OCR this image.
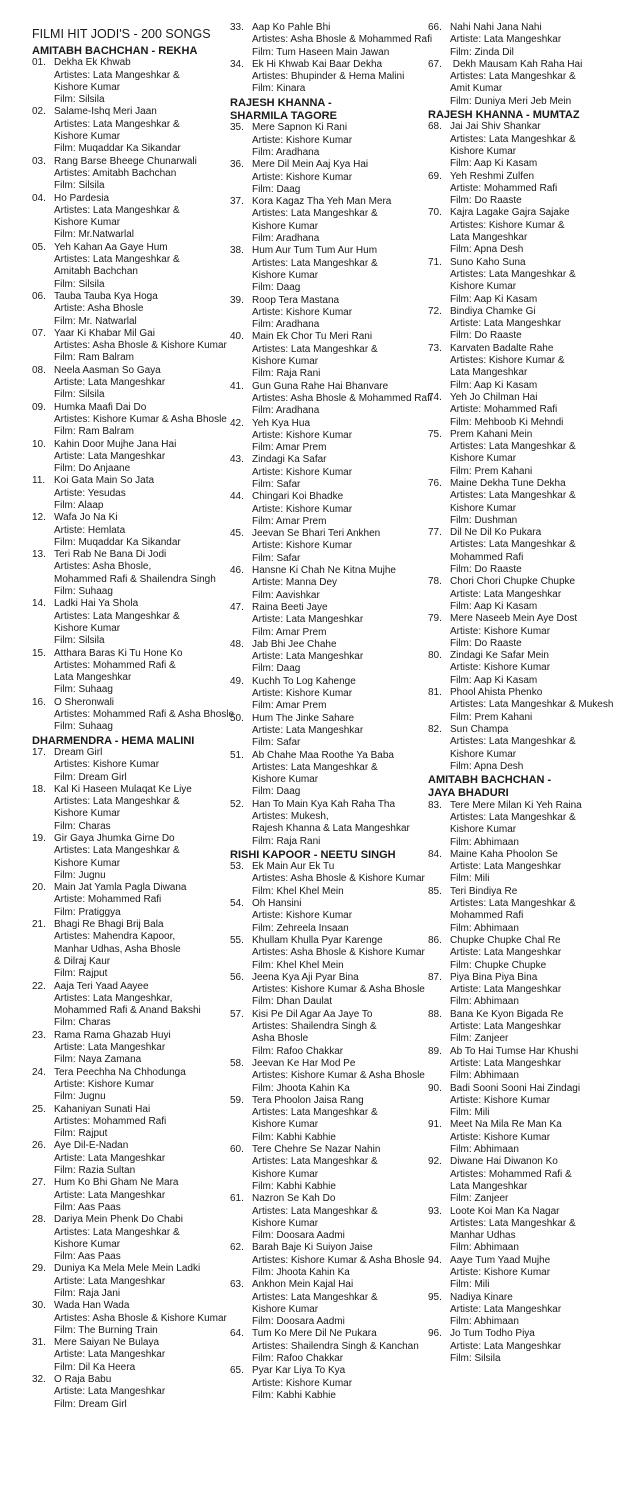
FILMI HIT JODI'S - 200 SONGS
AMITABH BACHCHAN - REKHA
01. Dekha Ek Khwab
Artistes: Lata Mangeshkar &
Kishore Kumar
Film: Silsila
02. Salame-Ishq Meri Jaan
Artistes: Lata Mangeshkar &
Kishore Kumar
Film: Muqaddar Ka Sikandar
03. Rang Barse Bheege Chunarwali
Artistes: Amitabh Bachchan
Film: Silsila
04. Ho Pardesia
Artistes: Lata Mangeshkar &
Kishore Kumar
Film: Mr.Natwarlal
05. Yeh Kahan Aa Gaye Hum
Artistes: Lata Mangeshkar &
Amitabh Bachchan
Film: Silsila
06. Tauba Tauba Kya Hoga
Artiste: Asha Bhosle
Film: Mr. Natwarlal
07. Yaar Ki Khabar Mil Gai
Artistes: Asha Bhosle & Kishore Kumar
Film: Ram Balram
08. Neela Aasman So Gaya
Artiste: Lata Mangeshkar
Film: Silsila
09. Humka Maafi Dai Do
Artistes: Kishore Kumar & Asha Bhosle
Film: Ram Balram
10. Kahin Door Mujhe Jana Hai
Artiste: Lata Mangeshkar
Film: Do Anjaane
11. Koi Gata Main So Jata
Artiste: Yesudas
Film: Alaap
12. Wafa Jo Na Ki
Artiste: Hemlata
Film: Muqaddar Ka Sikandar
13. Teri Rab Ne Bana Di Jodi
Artistes: Asha Bhosle,
Mohammed Rafi & Shailendra Singh
Film: Suhaag
14. Ladki Hai Ya Shola
Artistes: Lata Mangeshkar &
Kishore Kumar
Film: Silsila
15. Atthara Baras Ki Tu Hone Ko
Artistes: Mohammed Rafi &
Lata Mangeshkar
Film: Suhaag
16. O Sheronwali
Artistes: Mohammed Rafi & Asha Bhosle
Film: Suhaag
DHARMENDRA - HEMA MALINI
17. Dream Girl
Artistes: Kishore Kumar
Film: Dream Girl
18. Kal Ki Haseen Mulaqat Ke Liye
Artistes: Lata Mangeshkar &
Kishore Kumar
Film: Charas
19. Gir Gaya Jhumka Girne Do
Artistes: Lata Mangeshkar &
Kishore Kumar
Film: Jugnu
20. Main Jat Yamla Pagla Diwana
Artiste: Mohammed Rafi
Film: Pratiggya
21. Bhagi Re Bhagi Brij Bala
Artistes: Mahendra Kapoor,
Manhar Udhas, Asha Bhosle
& Dilraj Kaur
Film: Rajput
22. Aaja Teri Yaad Aayee
Artistes: Lata Mangeshkar,
Mohammed Rafi & Anand Bakshi
Film: Charas
23. Rama Rama Ghazab Huyi
Artiste: Lata Mangeshkar
Film: Naya Zamana
24. Tera Peechha Na Chhodunga
Artiste: Kishore Kumar
Film: Jugnu
25. Kahaniyan Sunati Hai
Artistes: Mohammed Rafi
Film: Rajput
26. Aye Dil-E-Nadan
Artiste: Lata Mangeshkar
Film: Razia Sultan
27. Hum Ko Bhi Gham Ne Mara
Artiste: Lata Mangeshkar
Film: Aas Paas
28. Dariya Mein Phenk Do Chabi
Artistes: Lata Mangeshkar &
Kishore Kumar
Film: Aas Paas
29. Duniya Ka Mela Mele Mein Ladki
Artiste: Lata Mangeshkar
Film: Raja Jani
30. Wada Han Wada
Artistes: Asha Bhosle & Kishore Kumar
Film: The Burning Train
31. Mere Saiyan Ne Bulaya
Artiste: Lata Mangeshkar
Film: Dil Ka Heera
32. O Raja Babu
Artiste: Lata Mangeshkar
Film: Dream Girl
33. Aap Ko Pahle Bhi
Artistes: Asha Bhosle & Mohammed Rafi
Film: Tum Haseen Main Jawan
34. Ek Hi Khwab Kai Baar Dekha
Artistes: Bhupinder & Hema Malini
Film: Kinara
RAJESH KHANNA -
SHARMILA TAGORE
35. Mere Sapnon Ki Rani
Artiste: Kishore Kumar
Film: Aradhana
36. Mere Dil Mein Aaj Kya Hai
Artiste: Kishore Kumar
Film: Daag
37. Kora Kagaz Tha Yeh Man Mera
Artistes: Lata Mangeshkar &
Kishore Kumar
Film: Aradhana
38. Hum Aur Tum Tum Aur Hum
Artistes: Lata Mangeshkar &
Kishore Kumar
Film: Daag
39. Roop Tera Mastana
Artiste: Kishore Kumar
Film: Aradhana
40. Main Ek Chor Tu Meri Rani
Artistes: Lata Mangeshkar &
Kishore Kumar
Film: Raja Rani
41. Gun Guna Rahe Hai Bhanvare
Artistes: Asha Bhosle & Mohammed Rafi
Film: Aradhana
42. Yeh Kya Hua
Artiste: Kishore Kumar
Film: Amar Prem
43. Zindagi Ka Safar
Artiste: Kishore Kumar
Film: Safar
44. Chingari Koi Bhadke
Artiste: Kishore Kumar
Film: Amar Prem
45. Jeevan Se Bhari Teri Ankhen
Artiste: Kishore Kumar
Film: Safar
46. Hansne Ki Chah Ne Kitna Mujhe
Artiste: Manna Dey
Film: Aavishkar
47. Raina Beeti Jaye
Artiste: Lata Mangeshkar
Film: Amar Prem
48. Jab Bhi Jee Chahe
Artiste: Lata Mangeshkar
Film: Daag
49. Kuchh To Log Kahenge
Artiste: Kishore Kumar
Film: Amar Prem
50. Hum The Jinke Sahare
Artiste: Lata Mangeshkar
Film: Safar
51. Ab Chahe Maa Roothe Ya Baba
Artistes: Lata Mangeshkar &
Kishore Kumar
Film: Daag
52. Han To Main Kya Kah Raha Tha
Artistes: Mukesh,
Rajesh Khanna & Lata Mangeshkar
Film: Raja Rani
RISHI KAPOOR - NEETU SINGH
53. Ek Main Aur Ek Tu
Artistes: Asha Bhosle & Kishore Kumar
Film: Khel Khel Mein
54. Oh Hansini
Artiste: Kishore Kumar
Film: Zehreela Insaan
55. Khullam Khulla Pyar Karenge
Artistes: Asha Bhosle & Kishore Kumar
Film: Khel Khel Mein
56. Jeena Kya Aji Pyar Bina
Artistes: Kishore Kumar & Asha Bhosle
Film: Dhan Daulat
57. Kisi Pe Dil Agar Aa Jaye To
Artistes: Shailendra Singh &
Asha Bhosle
Film: Rafoo Chakkar
58. Jeevan Ke Har Mod Pe
Artistes: Kishore Kumar & Asha Bhosle
Film: Jhoota Kahin Ka
59. Tera Phoolon Jaisa Rang
Artistes: Lata Mangeshkar &
Kishore Kumar
Film: Kabhi Kabhie
60. Tere Chehre Se Nazar Nahin
Artistes: Lata Mangeshkar &
Kishore Kumar
Film: Kabhi Kabhie
61. Nazron Se Kah Do
Artistes: Lata Mangeshkar &
Kishore Kumar
Film: Doosara Aadmi
62. Barah Baje Ki Suiyon Jaise
Artistes: Kishore Kumar & Asha Bhosle
Film: Jhoota Kahin Ka
63. Ankhon Mein Kajal Hai
Artistes: Lata Mangeshkar &
Kishore Kumar
Film: Doosara Aadmi
64. Tum Ko Mere Dil Ne Pukara
Artistes: Shailendra Singh & Kanchan
Film: Rafoo Chakkar
65. Pyar Kar Liya To Kya
Artiste: Kishore Kumar
Film: Kabhi Kabhie
66. Nahi Nahi Jana Nahi
Artiste: Lata Mangeshkar
Film: Zinda Dil
67. Dekh Mausam Kah Raha Hai
Artistes: Lata Mangeshkar &
Amit Kumar
Film: Duniya Meri Jeb Mein
RAJESH KHANNA - MUMTAZ
68. Jai Jai Shiv Shankar
Artistes: Lata Mangeshkar &
Kishore Kumar
Film: Aap Ki Kasam
69. Yeh Reshmi Zulfen
Artiste: Mohammed Rafi
Film: Do Raaste
70. Kajra Lagake Gajra Sajake
Artistes: Kishore Kumar &
Lata Mangeshkar
Film: Apna Desh
71. Suno Kaho Suna
Artistes: Lata Mangeshkar &
Kishore Kumar
Film: Aap Ki Kasam
72. Bindiya Chamke Gi
Artiste: Lata Mangeshkar
Film: Do Raaste
73. Karvaten Badalte Rahe
Artistes: Kishore Kumar &
Lata Mangeshkar
Film: Aap Ki Kasam
74. Yeh Jo Chilman Hai
Artiste: Mohammed Rafi
Film: Mehboob Ki Mehndi
75. Prem Kahani Mein
Artistes: Lata Mangeshkar &
Kishore Kumar
Film: Prem Kahani
76. Maine Dekha Tune Dekha
Artistes: Lata Mangeshkar &
Kishore Kumar
Film: Dushman
77. Dil Ne Dil Ko Pukara
Artistes: Lata Mangeshkar &
Mohammed Rafi
Film: Do Raaste
78. Chori Chori Chupke Chupke
Artiste: Lata Mangeshkar
Film: Aap Ki Kasam
79. Mere Naseeb Mein Aye Dost
Artiste: Kishore Kumar
Film: Do Raaste
80. Zindagi Ke Safar Mein
Artiste: Kishore Kumar
Film: Aap Ki Kasam
81. Phool Ahista Phenko
Artistes: Lata Mangeshkar & Mukesh
Film: Prem Kahani
82. Sun Champa
Artistes: Lata Mangeshkar &
Kishore Kumar
Film: Apna Desh
AMITABH BACHCHAN -
JAYA BHADURI
83. Tere Mere Milan Ki Yeh Raina
Artistes: Lata Mangeshkar &
Kishore Kumar
Film: Abhimaan
84. Maine Kaha Phoolon Se
Artiste: Lata Mangeshkar
Film: Mili
85. Teri Bindiya Re
Artistes: Lata Mangeshkar &
Mohammed Rafi
Film: Abhimaan
86. Chupke Chupke Chal Re
Artiste: Lata Mangeshkar
Film: Chupke Chupke
87. Piya Bina Piya Bina
Artiste: Lata Mangeshkar
Film: Abhimaan
88. Bana Ke Kyon Bigada Re
Artiste: Lata Mangeshkar
Film: Zanjeer
89. Ab To Hai Tumse Har Khushi
Artiste: Lata Mangeshkar
Film: Abhimaan
90. Badi Sooni Sooni Hai Zindagi
Artiste: Kishore Kumar
Film: Mili
91. Meet Na Mila Re Man Ka
Artiste: Kishore Kumar
Film: Abhimaan
92. Diwane Hai Diwanon Ko
Artistes: Mohammed Rafi &
Lata Mangeshkar
Film: Zanjeer
93. Loote Koi Man Ka Nagar
Artistes: Lata Mangeshkar &
Manhar Udhas
Film: Abhimaan
94. Aaye Tum Yaad Mujhe
Artiste: Kishore Kumar
Film: Mili
95. Nadiya Kinare
Artiste: Lata Mangeshkar
Film: Abhimaan
96. Jo Tum Todho Piya
Artiste: Lata Mangeshkar
Film: Silsila
